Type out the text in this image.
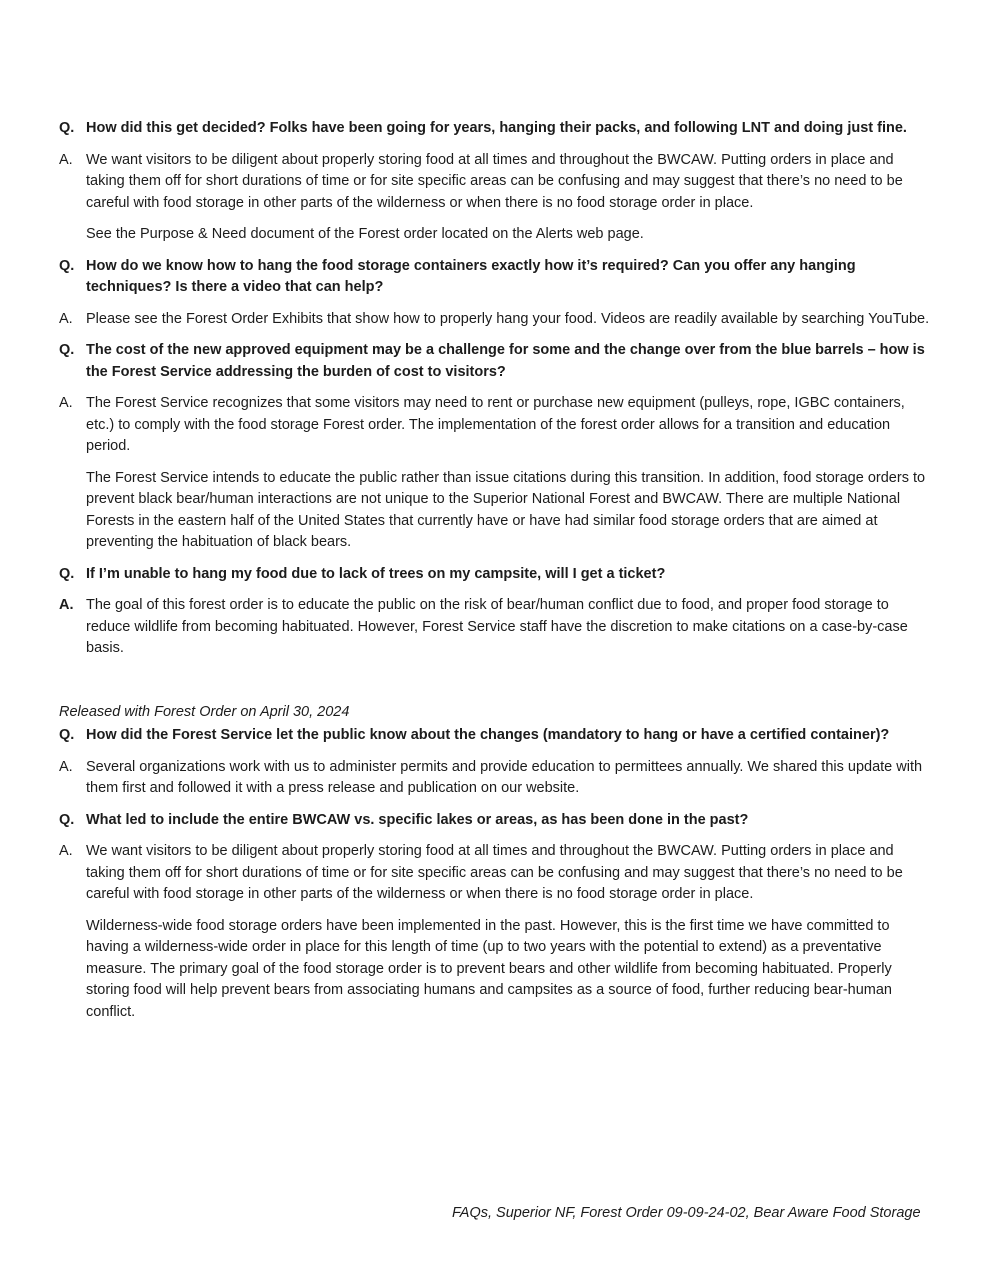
Q. How did this get decided? Folks have been going for years, hanging their packs, and following LNT and doing just fine.
A. We want visitors to be diligent about properly storing food at all times and throughout the BWCAW. Putting orders in place and taking them off for short durations of time or for site specific areas can be confusing and may suggest that there’s no need to be careful with food storage in other parts of the wilderness or when there is no food storage order in place.
See the Purpose & Need document of the Forest order located on the Alerts web page.
Q. How do we know how to hang the food storage containers exactly how it’s required? Can you offer any hanging techniques? Is there a video that can help?
A. Please see the Forest Order Exhibits that show how to properly hang your food. Videos are readily available by searching YouTube.
Q. The cost of the new approved equipment may be a challenge for some and the change over from the blue barrels – how is the Forest Service addressing the burden of cost to visitors?
A. The Forest Service recognizes that some visitors may need to rent or purchase new equipment (pulleys, rope, IGBC containers, etc.) to comply with the food storage Forest order. The implementation of the forest order allows for a transition and education period.
The Forest Service intends to educate the public rather than issue citations during this transition. In addition, food storage orders to prevent black bear/human interactions are not unique to the Superior National Forest and BWCAW. There are multiple National Forests in the eastern half of the United States that currently have or have had similar food storage orders that are aimed at preventing the habituation of black bears.
Q. If I’m unable to hang my food due to lack of trees on my campsite, will I get a ticket?
A. The goal of this forest order is to educate the public on the risk of bear/human conflict due to food, and proper food storage to reduce wildlife from becoming habituated. However, Forest Service staff have the discretion to make citations on a case-by-case basis.
Released with Forest Order on April 30, 2024
Q. How did the Forest Service let the public know about the changes (mandatory to hang or have a certified container)?
A. Several organizations work with us to administer permits and provide education to permittees annually. We shared this update with them first and followed it with a press release and publication on our website.
Q. What led to include the entire BWCAW vs. specific lakes or areas, as has been done in the past?
A. We want visitors to be diligent about properly storing food at all times and throughout the BWCAW. Putting orders in place and taking them off for short durations of time or for site specific areas can be confusing and may suggest that there’s no need to be careful with food storage in other parts of the wilderness or when there is no food storage order in place.
Wilderness-wide food storage orders have been implemented in the past. However, this is the first time we have committed to having a wilderness-wide order in place for this length of time (up to two years with the potential to extend) as a preventative measure. The primary goal of the food storage order is to prevent bears and other wildlife from becoming habituated. Properly storing food will help prevent bears from associating humans and campsites as a source of food, further reducing bear-human conflict.
FAQs, Superior NF, Forest Order 09-09-24-02, Bear Aware Food Storage
